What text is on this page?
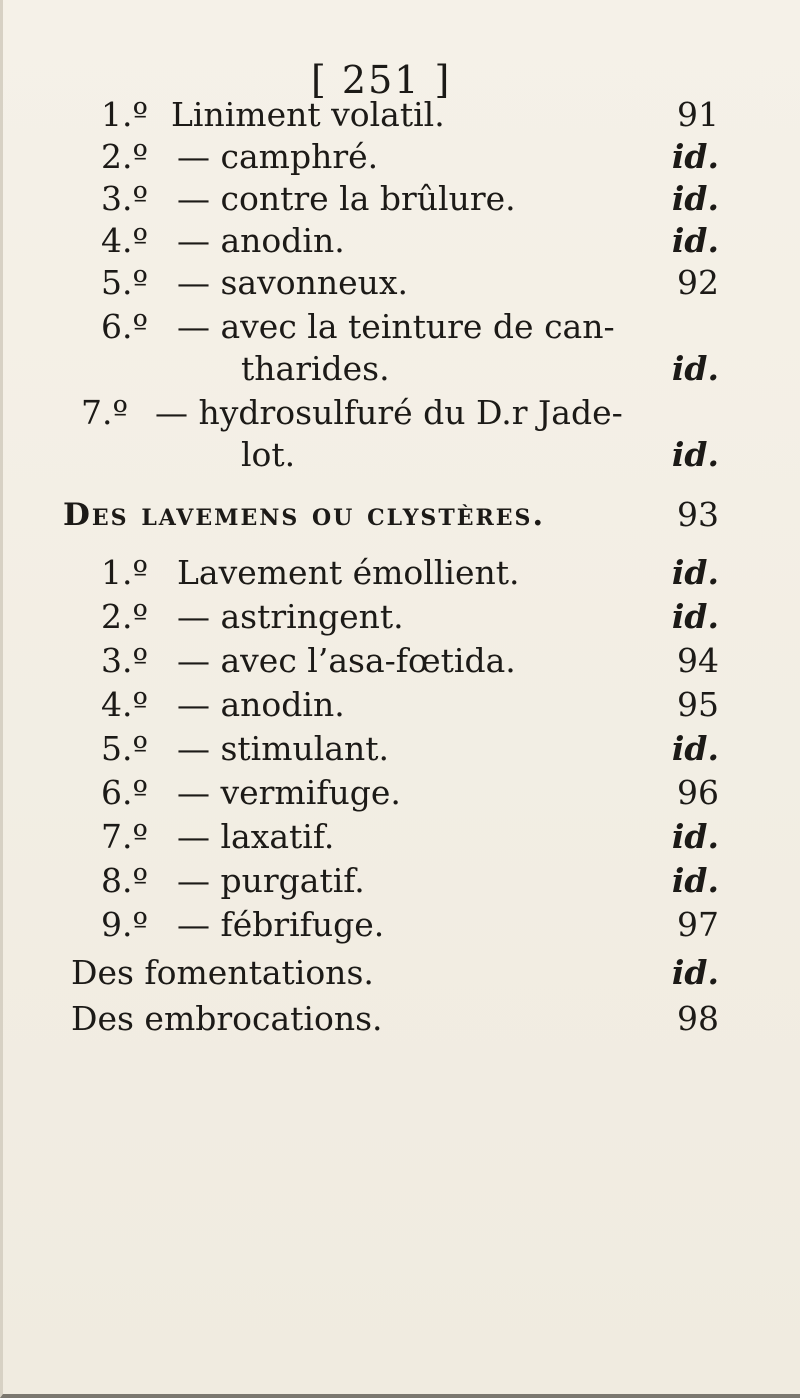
[ 251 ]
1.º Liniment volatil.	91
2.º — camphré.	id.
3.º — contre la brûlure.	id.
4.º — anodin.	id.
5.º — savonneux.	92
6.º — avec la teinture de can-
tharides.	id.
7.º — hydrosulfuré du D.r Jade-
lot.	id.
Des lavemens ou clystères.	93
1.º Lavement émollient.	id.
2.º — astringent.	id.
3.º — avec l’asa-fœtida.	94
4.º — anodin.	95
5.º — stimulant.	id.
6.º — vermifuge.	96
7.º — laxatif.	id.
8.º — purgatif.	id.
9.º — fébrifuge.	97
Des fomentations.	id.
Des embrocations.	98
